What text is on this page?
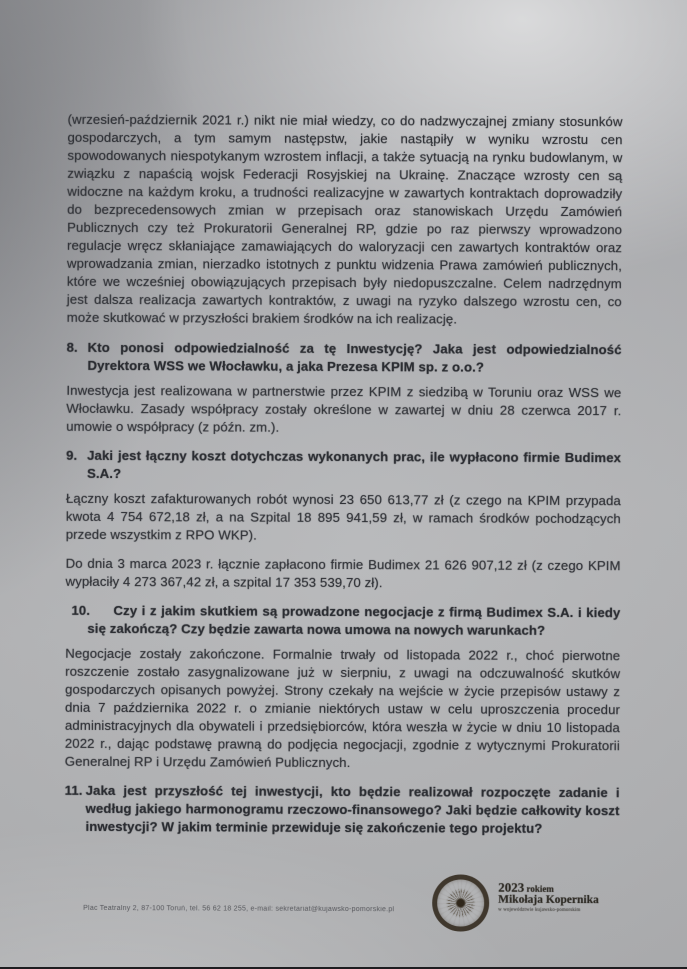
(wrzesień-październik 2021 r.) nikt nie miał wiedzy, co do nadzwyczajnej zmiany stosunków gospodarczych, a tym samym następstw, jakie nastąpiły w wyniku wzrostu cen spowodowanych niespotykanym wzrostem inflacji, a także sytuacją na rynku budowlanym, w związku z napaścią wojsk Federacji Rosyjskiej na Ukrainę. Znaczące wzrosty cen są widoczne na każdym kroku, a trudności realizacyjne w zawartych kontraktach doprowadziły do bezprecedensowych zmian w przepisach oraz stanowiskach Urzędu Zamówień Publicznych czy też Prokuratorii Generalnej RP, gdzie po raz pierwszy wprowadzono regulacje wręcz skłaniające zamawiających do waloryzacji cen zawartych kontraktów oraz wprowadzania zmian, nierzadko istotnych z punktu widzenia Prawa zamówień publicznych, które we wcześniej obowiązujących przepisach były niedopuszczalne. Celem nadrzędnym jest dalsza realizacja zawartych kontraktów, z uwagi na ryzyko dalszego wzrostu cen, co może skutkować w przyszłości brakiem środków na ich realizację.

8. Kto ponosi odpowiedzialność za tę Inwestycję? Jaka jest odpowiedzialność Dyrektora WSS we Włocławku, a jaka Prezesa KPIM sp. z o.o.?

Inwestycja jest realizowana w partnerstwie przez KPIM z siedzibą w Toruniu oraz WSS we Włocławku. Zasady współpracy zostały określone w zawartej w dniu 28 czerwca 2017 r. umowie o współpracy (z późn. zm.).

9. Jaki jest łączny koszt dotychczas wykonanych prac, ile wypłacono firmie Budimex S.A.?

Łączny koszt zafakturowanych robót wynosi 23 650 613,77 zł (z czego na KPIM przypada kwota 4 754 672,18 zł, a na Szpital 18 895 941,59 zł, w ramach środków pochodzących przede wszystkim z RPO WKP).

Do dnia 3 marca 2023 r. łącznie zapłacono firmie Budimex 21 626 907,12 zł (z czego KPIM wypłaciły 4 273 367,42 zł, a szpital 17 353 539,70 zł).

10. Czy i z jakim skutkiem są prowadzone negocjacje z firmą Budimex S.A. i kiedy się zakończą? Czy będzie zawarta nowa umowa na nowych warunkach?

Negocjacje zostały zakończone. Formalnie trwały od listopada 2022 r., choć pierwotne roszczenie zostało zasygnalizowane już w sierpniu, z uwagi na odczuwalność skutków gospodarczych opisanych powyżej. Strony czekały na wejście w życie przepisów ustawy z dnia 7 października 2022 r. o zmianie niektórych ustaw w celu uproszczenia procedur administracyjnych dla obywateli i przedsiębiorców, która weszła w życie w dniu 10 listopada 2022 r., dając podstawę prawną do podjęcia negocjacji, zgodnie z wytycznymi Prokuratorii Generalnej RP i Urzędu Zamówień Publicznych.

11. Jaka jest przyszłość tej inwestycji, kto będzie realizował rozpoczęte zadanie i według jakiego harmonogramu rzeczowo-finansowego? Jaki będzie całkowity koszt inwestycji? W jakim terminie przewiduje się zakończenie tego projektu?
Plac Teatralny 2, 87-100 Toruń, tel. 56 62 18 255, e-mail: sekretariat@kujawsko-pomorskie.pl
2023 rokiem
Mikołaja Kopernika
w województwie kujawsko-pomorskim
